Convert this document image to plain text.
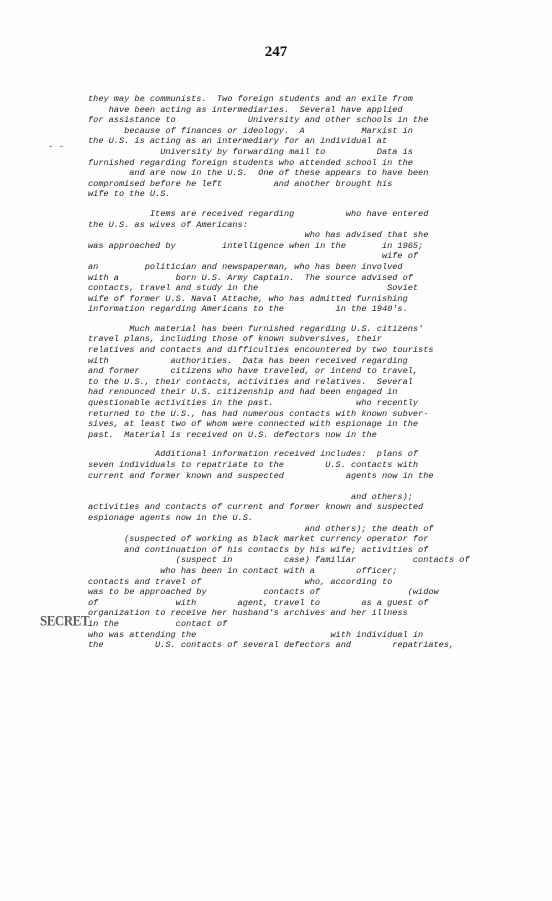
247
- -
they may be communists.  Two foreign students and an exile from
have been acting as intermediaries.  Several have applied
for assistance to              University and other schools in the
because of finances or ideology.  A           Marxist in
the U.S. is acting as an intermediary for an individual at
University by forwarding mail to          Data is
furnished regarding foreign students who attended school in the
and are now in the U.S.  One of these appears to have been
compromised before he left          and another brought his
wife to the U.S.
Items are received regarding          who have entered
the U.S. as wives of Americans:
who has advised that she
was approached by         intelligence when in the       in 1965;
wife of
an         politician and newspaperman, who has been involved
with a           born U.S. Army Captain.  The source advised of
contacts, travel and study in the                         Soviet
wife of former U.S. Naval Attache, who has admitted furnishing
information regarding Americans to the          in the 1940's.
Much material has been furnished regarding U.S. citizens'
travel plans, including those of known subversives, their
relatives and contacts and difficulties encountered by two tourists
with            authorities.  Data has been received regarding
and former      citizens who have traveled, or intend to travel,
to the U.S., their contacts, activities and relatives.  Several
had renounced their U.S. citizenship and had been engaged in
questionable activities in the past.                who recently
returned to the U.S., has had numerous contacts with known subver-
sives, at least two of whom were connected with espionage in the
past.  Material is received on U.S. defectors now in the
Additional information received includes:  plans of
seven individuals to repatriate to the        U.S. contacts with
current and former known and suspected            agents now in the

and others);
activities and contacts of current and former known and suspected
espionage agents now in the U.S.
and others); the death of
(suspected of working as black market currency operator for
and continuation of his contacts by his wife; activities of
(suspect in          case) familiar           contacts of
who has been in contact with a        officer;
contacts and travel of                    who, according to
was to be approached by           contacts of                 (widow
of               with        agent, travel to        as a guest of
organization to receive her husband's archives and her illness
in the           contact of
who was attending the                          with individual in
the          U.S. contacts of several defectors and        repatriates,
SECRET
